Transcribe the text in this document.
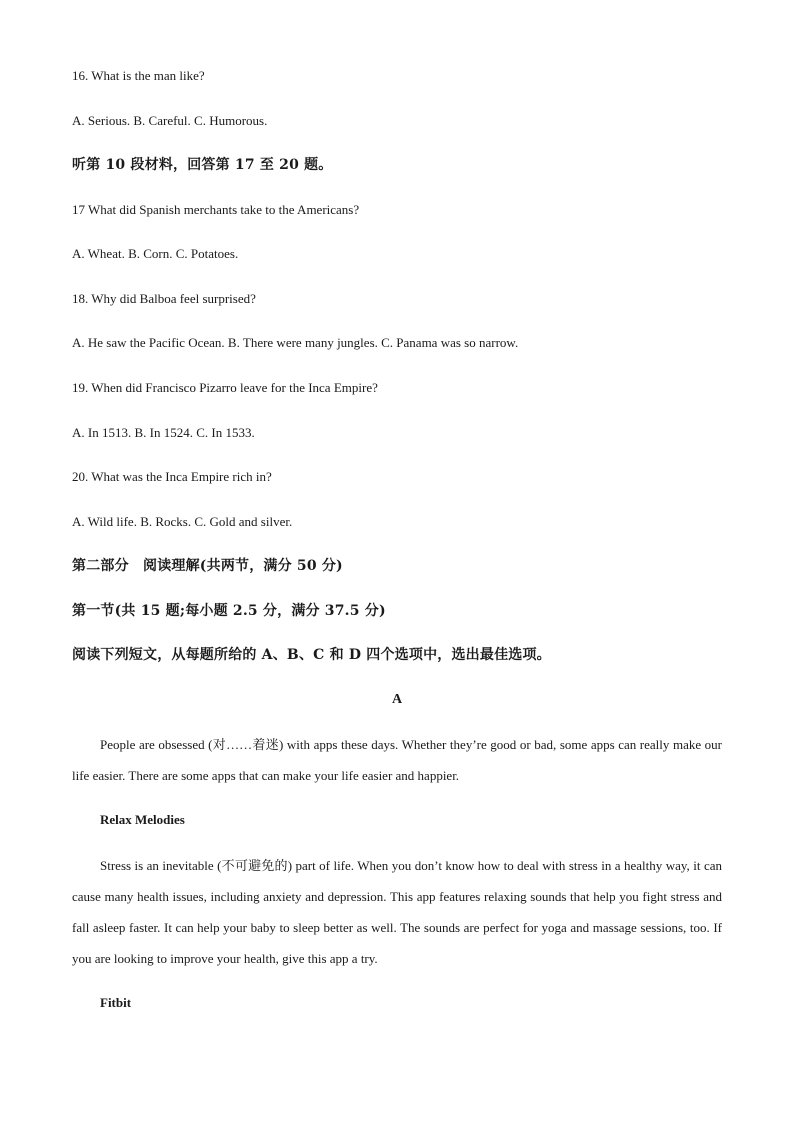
16. What is the man like?
A. Serious. B. Careful. C. Humorous.
听第 10 段材料，回答第 17 至 20 题。
17 What did Spanish merchants take to the Americans?
A. Wheat. B. Corn. C. Potatoes.
18. Why did Balboa feel surprised?
A. He saw the Pacific Ocean. B. There were many jungles. C. Panama was so narrow.
19. When did Francisco Pizarro leave for the Inca Empire?
A. In 1513. B. In 1524. C. In 1533.
20. What was the Inca Empire rich in?
A. Wild life. B. Rocks. C. Gold and silver.
第二部分　阅读理解(共两节，满分 50 分)
第一节(共 15 题;每小题 2.5 分，满分 37.5 分)
阅读下列短文，从每题所给的 A、B、C 和 D 四个选项中，选出最佳选项。
A
People are obsessed (对……着迷) with apps these days. Whether they’re good or bad, some apps can really make our life easier. There are some apps that can make your life easier and happier.
Relax Melodies
Stress is an inevitable (不可避免的) part of life. When you don’t know how to deal with stress in a healthy way, it can cause many health issues, including anxiety and depression. This app features relaxing sounds that help you fight stress and fall asleep faster. It can help your baby to sleep better as well. The sounds are perfect for yoga and massage sessions, too. If you are looking to improve your health, give this app a try.
Fitbit
